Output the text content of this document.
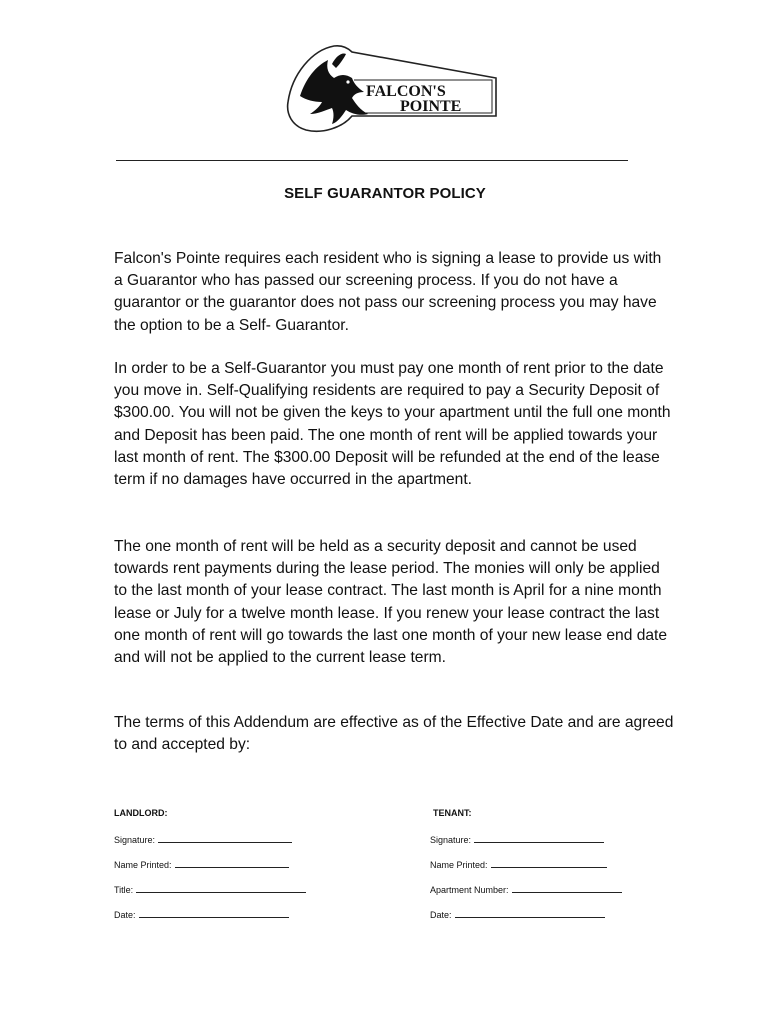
FALCON'S
POINTE
SELF GUARANTOR POLICY

Falcon's Pointe requires each resident who is signing a lease to provide us with a Guarantor who has passed our screening process. If you do not have a guarantor or the guarantor does not pass our screening process you may have the option to be a Self- Guarantor.

In order to be a Self-Guarantor you must pay one month of rent prior to the date you move in. Self-Qualifying residents are required to pay a Security Deposit of $300.00. You will not be given the keys to your apartment until the full one month and Deposit has been paid. The one month of rent will be applied towards your last month of rent. The $300.00 Deposit will be refunded at the end of the lease term if no damages have occurred in the apartment.

The one month of rent will be held as a security deposit and cannot be used towards rent payments during the lease period. The monies will only be applied to the last month of your lease contract. The last month is April for a nine month lease or July for a twelve month lease. If you renew your lease contract the last one month of rent will go towards the last one month of your new lease end date and will not be applied to the current lease term.

The terms of this Addendum are effective as of the Effective Date and are agreed to and accepted by:

LANDLORD:
Signature:
Name Printed:
Title:
Date:
TENANT:
Signature:
Name Printed:
Apartment Number:
Date:
